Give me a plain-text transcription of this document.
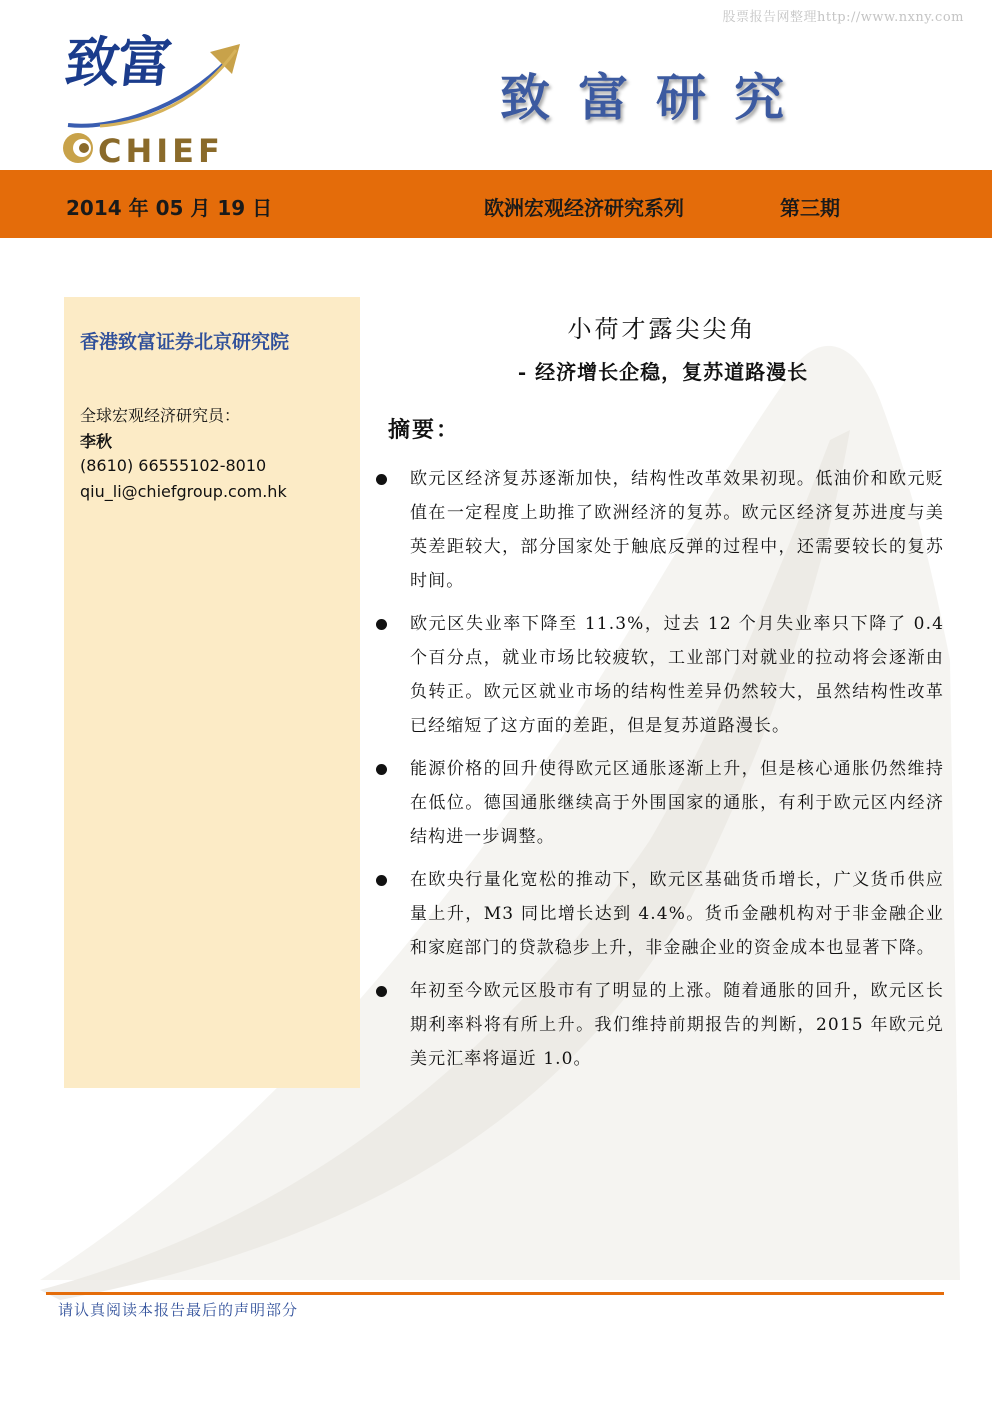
股票报告网整理http://www.nxny.com
致富
CHIEF
致富研究
2014 年 05 月 19 日	欧洲宏观经济研究系列	第三期
香港致富证券北京研究院
全球宏观经济研究员：
李秋
(8610) 66555102-8010
qiu_li@chiefgroup.com.hk
小荷才露尖尖角
- 经济增长企稳，复苏道路漫长
摘要：
欧元区经济复苏逐渐加快，结构性改革效果初现。低油价和欧元贬值在一定程度上助推了欧洲经济的复苏。欧元区经济复苏进度与美英差距较大，部分国家处于触底反弹的过程中，还需要较长的复苏时间。
欧元区失业率下降至 11.3%，过去 12 个月失业率只下降了 0.4 个百分点，就业市场比较疲软，工业部门对就业的拉动将会逐渐由负转正。欧元区就业市场的结构性差异仍然较大，虽然结构性改革已经缩短了这方面的差距，但是复苏道路漫长。
能源价格的回升使得欧元区通胀逐渐上升，但是核心通胀仍然维持在低位。德国通胀继续高于外围国家的通胀，有利于欧元区内经济结构进一步调整。
在欧央行量化宽松的推动下，欧元区基础货币增长，广义货币供应量上升，M3 同比增长达到 4.4%。货币金融机构对于非金融企业和家庭部门的贷款稳步上升，非金融企业的资金成本也显著下降。
年初至今欧元区股市有了明显的上涨。随着通胀的回升，欧元区长期利率料将有所上升。我们维持前期报告的判断，2015 年欧元兑美元汇率将逼近 1.0。
请认真阅读本报告最后的声明部分
